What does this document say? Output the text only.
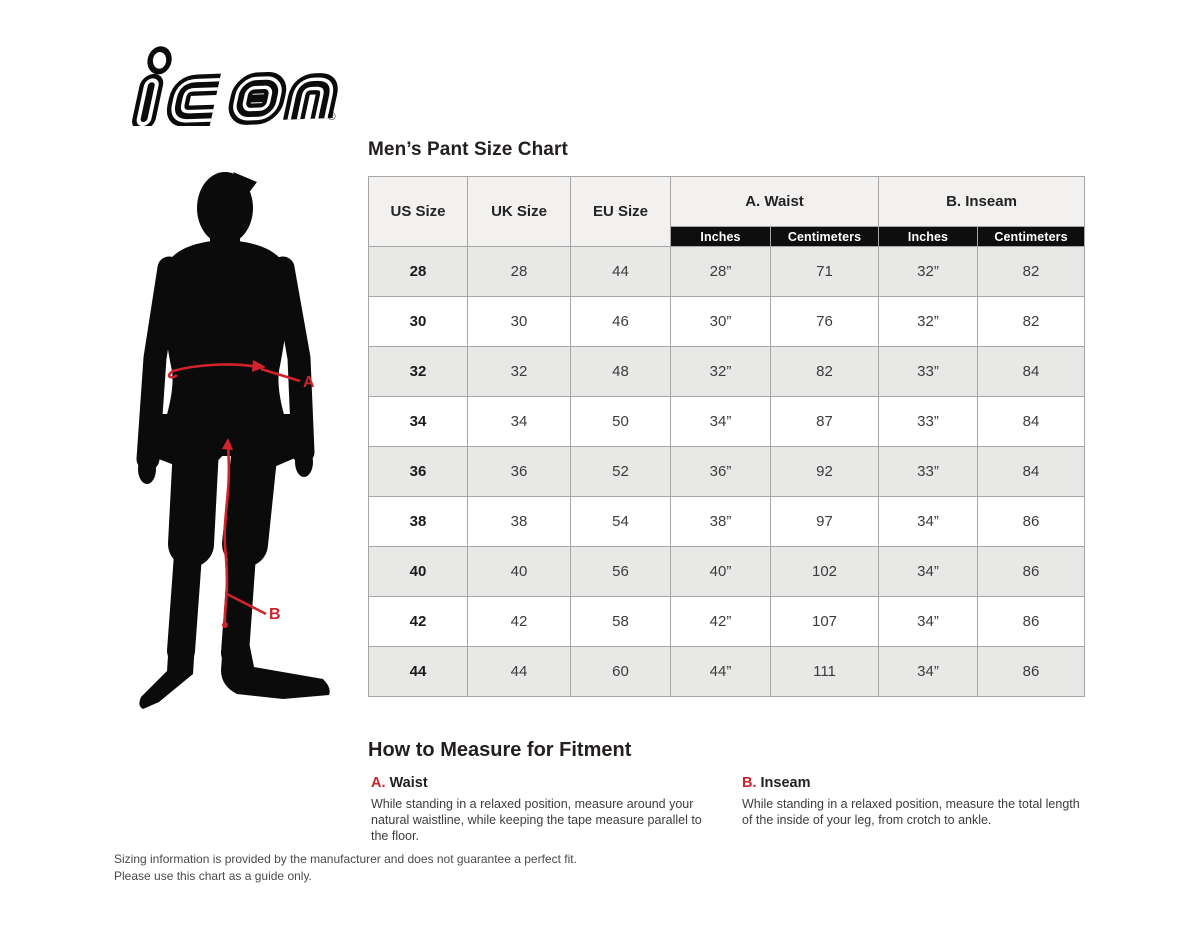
®
Men’s Pant Size Chart
A
B
US Size	UK Size	EU Size	A. Waist		B. Inseam	
			Inches	Centimeters	Inches	Centimeters
28	28	44	28”	71	32”	82
30	30	46	30”	76	32”	82
32	32	48	32”	82	33”	84
34	34	50	34”	87	33”	84
36	36	52	36”	92	33”	84
38	38	54	38”	97	34”	86
40	40	56	40”	102	34”	86
42	42	58	42”	107	34”	86
44	44	60	44”	111	34”	86
How to Measure for Fitment
A. Waist

While standing in a relaxed position, measure around your natural waistline, while keeping the tape measure parallel to the floor.

B. Inseam

While standing in a relaxed position, measure the total length of the inside of your leg, from crotch to ankle.

Sizing information is provided by the manufacturer and does not guarantee a perfect fit.
Please use this chart as a guide only.
